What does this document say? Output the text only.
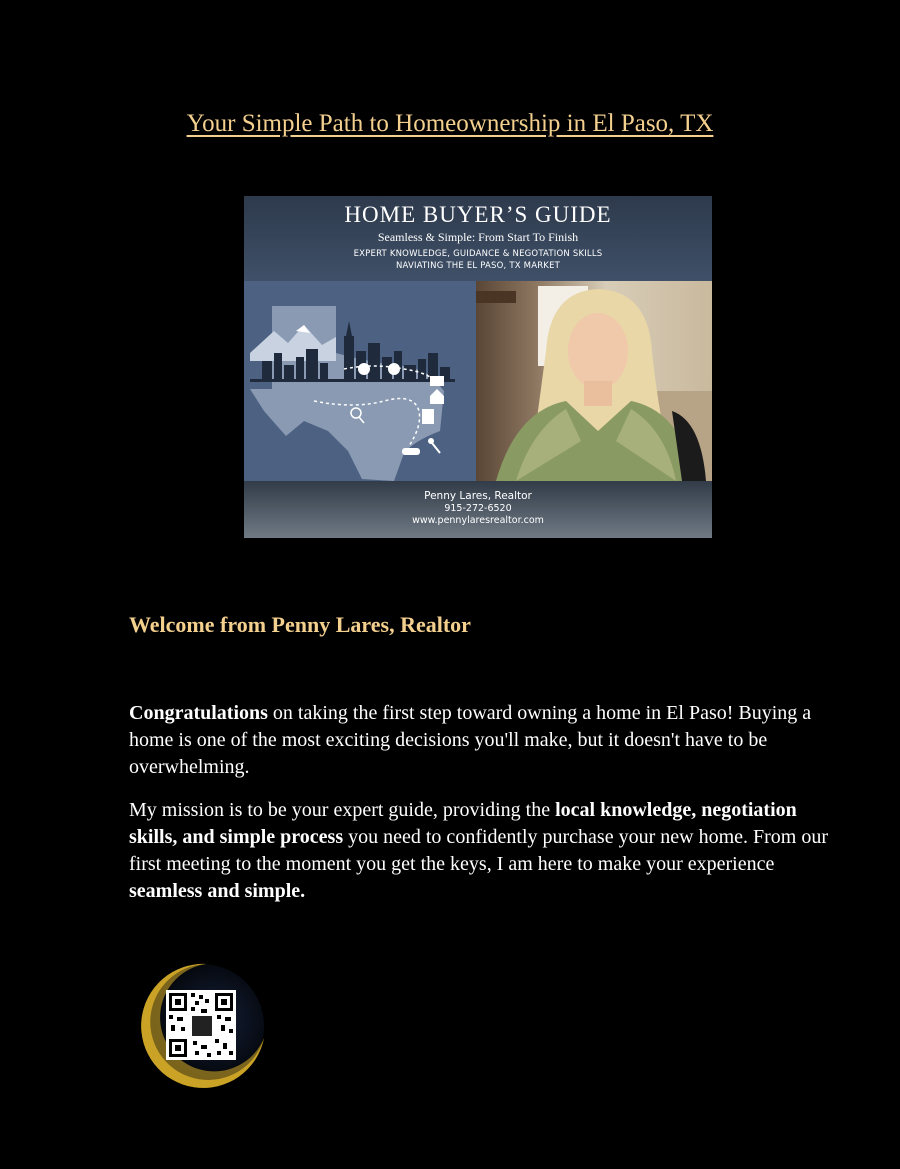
Your Simple Path to Homeownership in El Paso, TX
HOME BUYER’S GUIDE
Seamless & Simple: From Start To Finish
EXPERT KNOWLEDGE, GUIDANCE & NEGOTATION SKILLS
NAVIATING THE EL PASO, TX MARKET
Penny Lares, Realtor
915-272-6520
www.pennylaresrealtor.com
Welcome from Penny Lares, Realtor

Congratulations on taking the first step toward owning a home in El Paso! Buying a home is one of the most exciting decisions you'll make, but it doesn't have to be overwhelming.

My mission is to be your expert guide, providing the local knowledge, negotiation skills, and simple process you need to confidently purchase your new home. From our first meeting to the moment you get the keys, I am here to make your experience seamless and simple.
